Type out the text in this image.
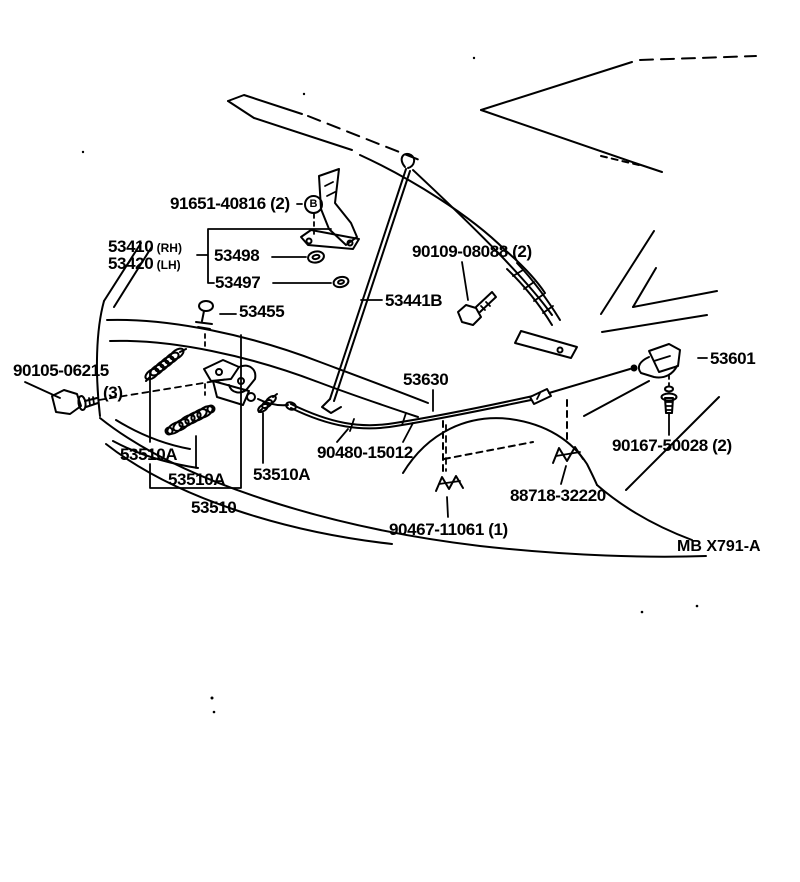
91651-40816 (2)	B
53410 (RH)
53420 (LH) 53498
53497
53455
90109-08088 (2)
53441B
90105-06215
(3)
53510A
53510A 53510A
53510
90480-15012
53630
53601
90167-50028 (2)
88718-32220
90467-11061 (1)
MB X791-A
